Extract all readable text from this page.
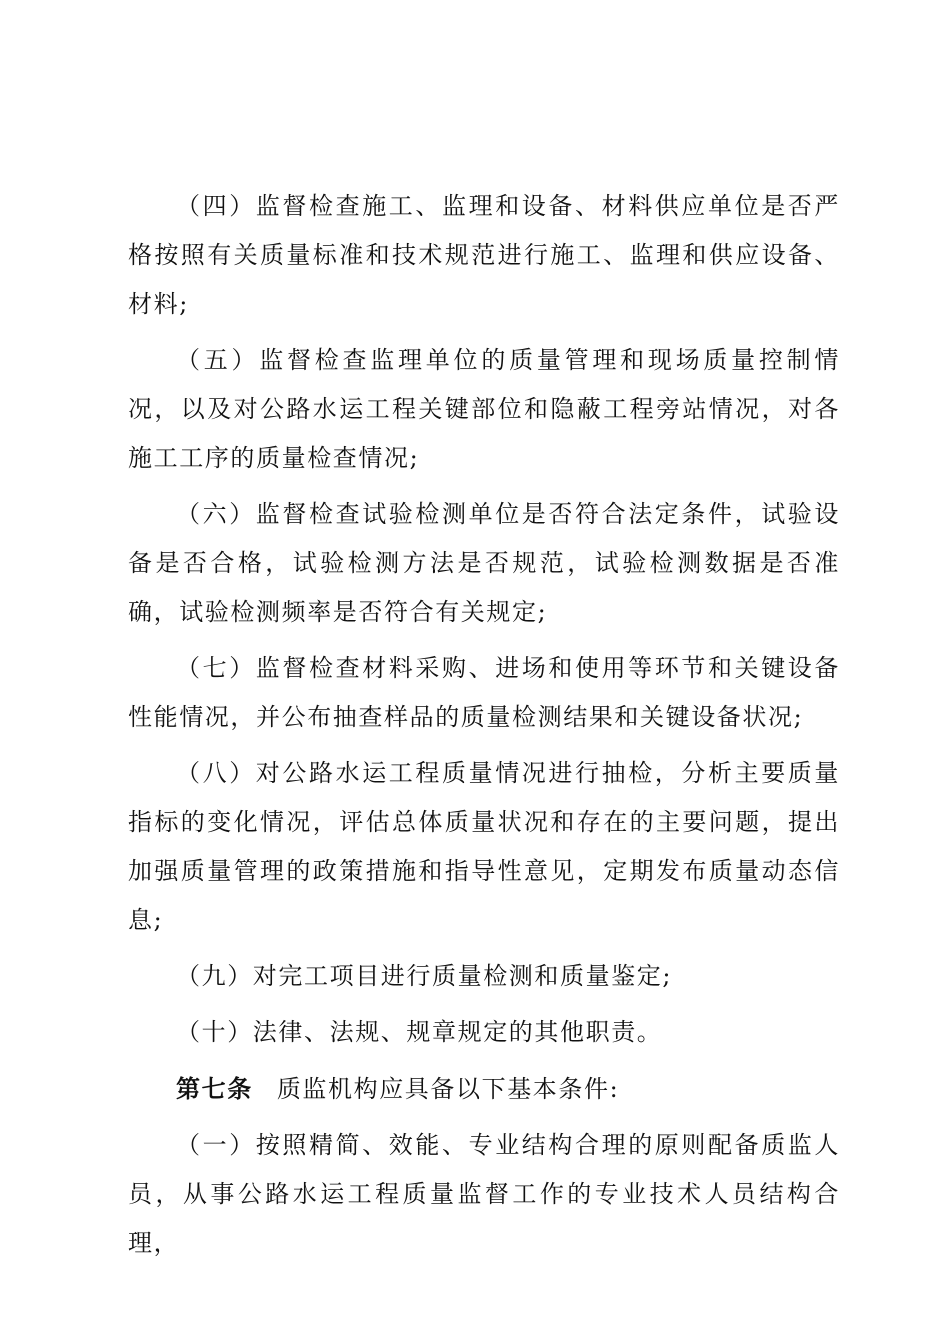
（四）监督检查施工、监理和设备、材料供应单位是否严格按照有关质量标准和技术规范进行施工、监理和供应设备、材料;

（五）监督检查监理单位的质量管理和现场质量控制情况，以及对公路水运工程关键部位和隐蔽工程旁站情况，对各施工工序的质量检查情况;

（六）监督检查试验检测单位是否符合法定条件，试验设备是否合格，试验检测方法是否规范，试验检测数据是否准确，试验检测频率是否符合有关规定;

（七）监督检查材料采购、进场和使用等环节和关键设备性能情况，并公布抽查样品的质量检测结果和关键设备状况;

（八）对公路水运工程质量情况进行抽检，分析主要质量指标的变化情况，评估总体质量状况和存在的主要问题，提出加强质量管理的政策措施和指导性意见，定期发布质量动态信息;

（九）对完工项目进行质量检测和质量鉴定;

（十）法律、法规、规章规定的其他职责。

第七条 质监机构应具备以下基本条件:

（一）按照精简、效能、专业结构合理的原则配备质监人员，从事公路水运工程质量监督工作的专业技术人员结构合理，
